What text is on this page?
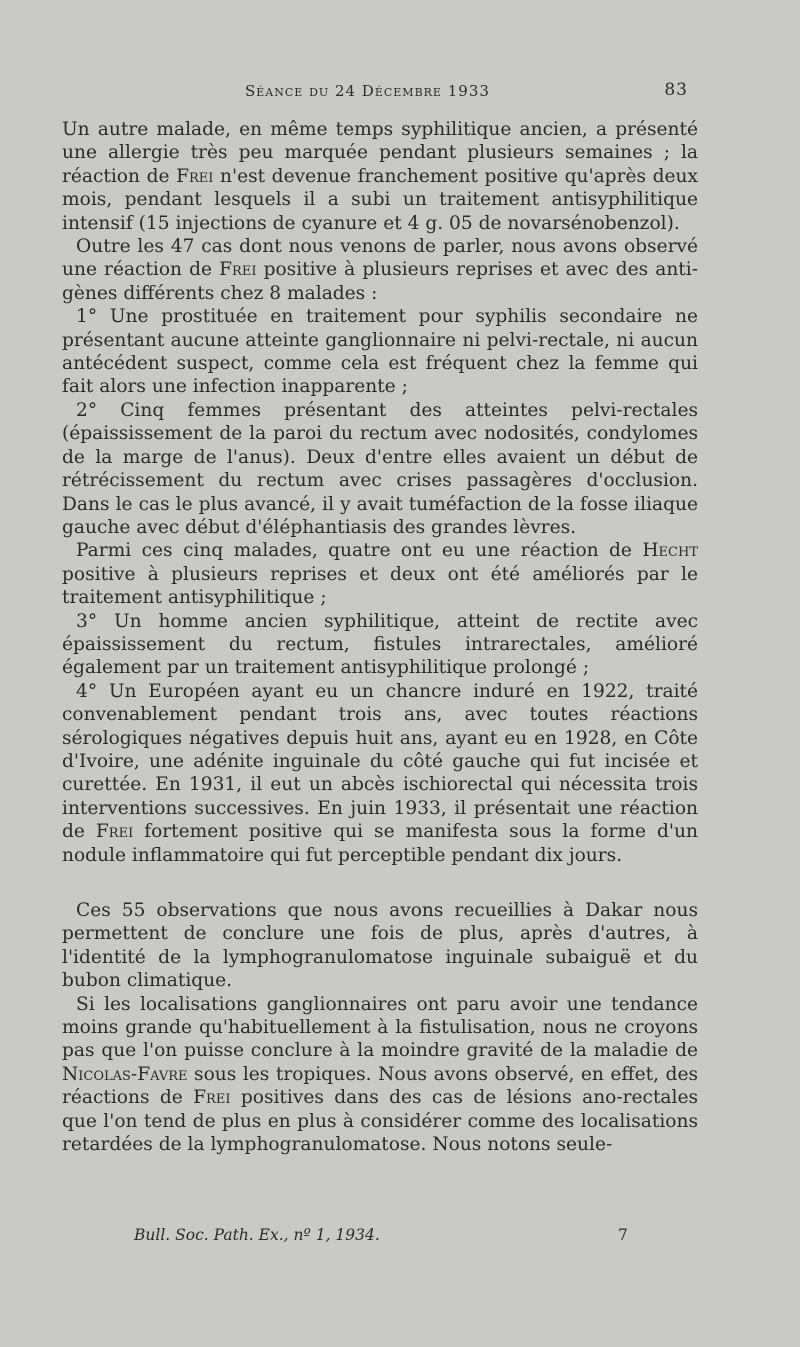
Séance du 24 Décembre 1933	83

Un autre malade, en même temps syphilitique ancien, a présenté une allergie très peu marquée pendant plusieurs semaines ; la réaction de Frei n'est devenue franchement positive qu'après deux mois, pendant lesquels il a subi un traitement antisyphilitique intensif (15 injections de cyanure et 4 g. 05 de novarsénobenzol).

Outre les 47 cas dont nous venons de parler, nous avons observé une réaction de Frei positive à plusieurs reprises et avec des anti-gènes différents chez 8 malades :

1° Une prostituée en traitement pour syphilis secondaire ne présentant aucune atteinte ganglionnaire ni pelvi-rectale, ni aucun antécédent suspect, comme cela est fréquent chez la femme qui fait alors une infection inapparente ;

2° Cinq femmes présentant des atteintes pelvi-rectales (épaississement de la paroi du rectum avec nodosités, condylomes de la marge de l'anus). Deux d'entre elles avaient un début de rétrécissement du rectum avec crises passagères d'occlusion. Dans le cas le plus avancé, il y avait tuméfaction de la fosse iliaque gauche avec début d'éléphantiasis des grandes lèvres.

Parmi ces cinq malades, quatre ont eu une réaction de Hecht positive à plusieurs reprises et deux ont été améliorés par le traitement antisyphilitique ;

3° Un homme ancien syphilitique, atteint de rectite avec épaississement du rectum, fistules intrarectales, amélioré également par un traitement antisyphilitique prolongé ;

4° Un Européen ayant eu un chancre induré en 1922, traité convenablement pendant trois ans, avec toutes réactions sérologiques négatives depuis huit ans, ayant eu en 1928, en Côte d'Ivoire, une adénite inguinale du côté gauche qui fut incisée et curettée. En 1931, il eut un abcès ischiorectal qui nécessita trois interventions successives. En juin 1933, il présentait une réaction de Frei fortement positive qui se manifesta sous la forme d'un nodule inflammatoire qui fut perceptible pendant dix jours.

Ces 55 observations que nous avons recueillies à Dakar nous permettent de conclure une fois de plus, après d'autres, à l'identité de la lymphogranulomatose inguinale subaiguë et du bubon climatique.

Si les localisations ganglionnaires ont paru avoir une tendance moins grande qu'habituellement à la fistulisation, nous ne croyons pas que l'on puisse conclure à la moindre gravité de la maladie de Nicolas-Favre sous les tropiques. Nous avons observé, en effet, des réactions de Frei positives dans des cas de lésions ano-rectales que l'on tend de plus en plus à considérer comme des localisations retardées de la lymphogranulomatose. Nous notons seule-

Bull. Soc. Path. Ex., nº 1, 1934.	7
